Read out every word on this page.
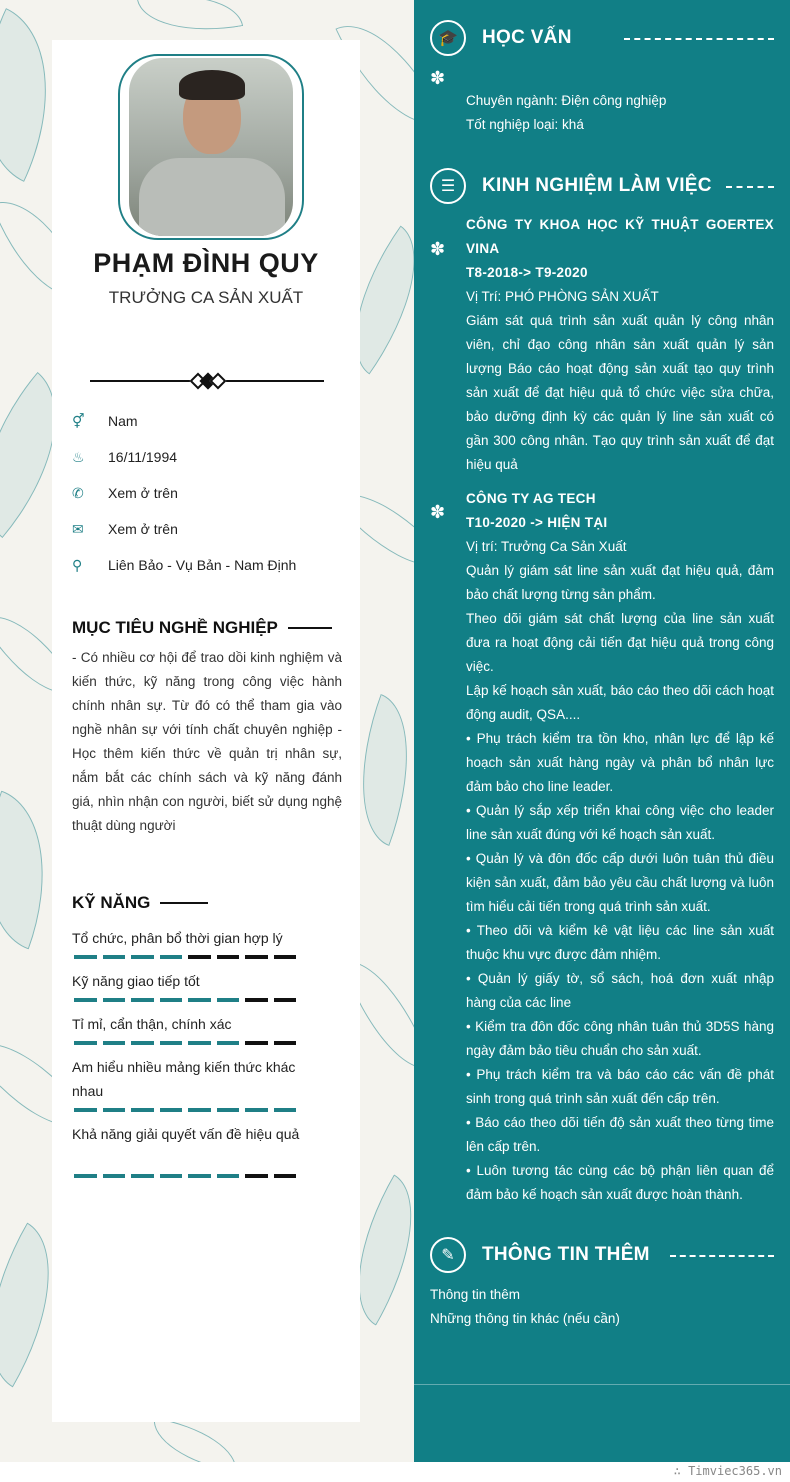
PHẠM ĐÌNH QUY
TRƯỞNG CA SẢN XUẤT
⚥	Nam
♨	16/11/1994
✆	Xem ở trên
✉	Xem ở trên
⚲	Liên Bảo - Vụ Bản - Nam Định
MỤC TIÊU NGHỀ NGHIỆP
- Có nhiều cơ hội để trao dồi kinh nghiệm và kiến thức, kỹ năng trong công việc hành chính nhân sự. Từ đó có thể tham gia vào nghề nhân sự với tính chất chuyên nghiệp - Học thêm kiến thức về quản trị nhân sự, nắm bắt các chính sách và kỹ năng đánh giá, nhìn nhận con người, biết sử dụng nghệ thuật dùng người
KỸ NĂNG
Tổ chức, phân bổ thời gian hợp lý
Kỹ năng giao tiếp tốt
Tỉ mỉ, cẩn thận, chính xác
Am hiểu nhiều mảng kiến thức khác nhau
Khả năng giải quyết vấn đề hiệu quả
🎓	HỌC VẤN
✽
Chuyên ngành: Điện công nghiệp
Tốt nghiệp loại: khá
☰	KINH NGHIỆM LÀM VIỆC
✽
CÔNG TY KHOA HỌC KỸ THUẬT GOERTEX VINA
T8-2018-> T9-2020
Vị Trí: PHÓ PHÒNG SẢN XUẤT
Giám sát quá trình sản xuất quản lý công nhân viên, chỉ đạo công nhân sản xuất quản lý sản lượng Báo cáo hoạt động sản xuất tạo quy trình sản xuất để đạt hiệu quả tổ chức việc sửa chữa, bảo dưỡng định kỳ các quản lý line sản xuất có gần 300 công nhân. Tạo quy trình sản xuất để đạt hiệu quả
✽
CÔNG TY AG TECH
T10-2020 -> HIỆN TẠI
Vị trí: Trưởng Ca Sản Xuất
Quản lý giám sát line sản xuất đạt hiệu quả, đảm bảo chất lượng từng sản phẩm.
Theo dõi giám sát chất lượng của line sản xuất đưa ra hoạt động cải tiến đạt hiệu quả trong công việc.
Lập kế hoạch sản xuất, báo cáo theo dõi cách hoạt động audit, QSA....
• Phụ trách kiểm tra tồn kho, nhân lực để lập kế hoạch sản xuất hàng ngày và phân bổ nhân lực đảm bảo cho line leader.
• Quản lý sắp xếp triển khai công việc cho leader line sản xuất đúng với kế hoạch sản xuất.
• Quản lý và đôn đốc cấp dưới luôn tuân thủ điều kiện sản xuất, đảm bảo yêu cầu chất lượng và luôn tìm hiểu cải tiến trong quá trình sản xuất.
• Theo dõi và kiểm kê vật liệu các line sản xuất thuộc khu vực được đảm nhiệm.
• Quản lý giấy tờ, sổ sách, hoá đơn xuất nhập hàng của các line
• Kiểm tra đôn đốc công nhân tuân thủ 3D5S hàng ngày đảm bảo tiêu chuẩn cho sản xuất.
• Phụ trách kiểm tra và báo cáo các vấn đề phát sinh trong quá trình sản xuất đến cấp trên.
• Báo cáo theo dõi tiến độ sản xuất theo từng time lên cấp trên.
• Luôn tương tác cùng các bộ phận liên quan để đảm bảo kế hoạch sản xuất được hoàn thành.
✎	THÔNG TIN THÊM
Thông tin thêm
Những thông tin khác (nếu cần)
∴ Timviec365.vn
